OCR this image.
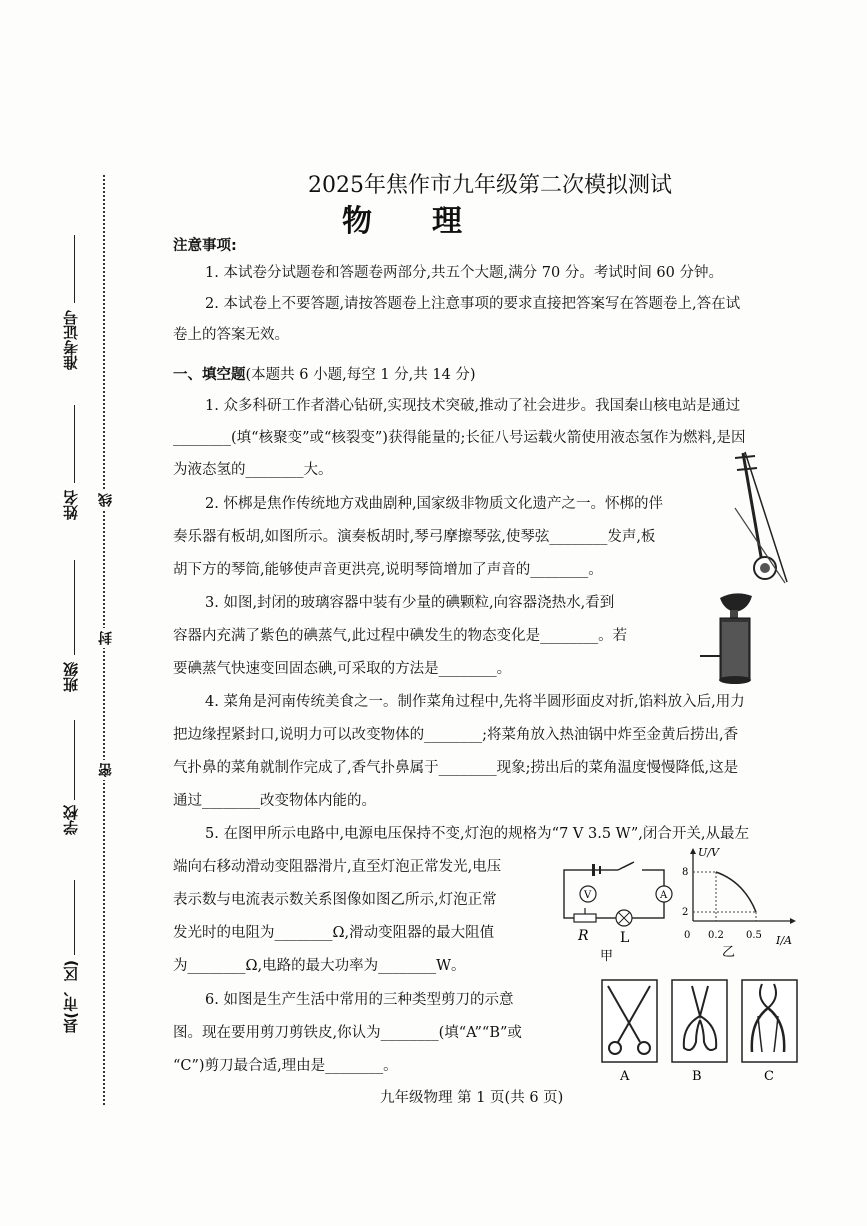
准考证号
姓名
班级
学校
县(市、区)
线
封
密
2025年焦作市九年级第二次模拟测试
物理
注意事项:
1. 本试卷分试题卷和答题卷两部分,共五个大题,满分 70 分。考试时间 60 分钟。
2. 本试卷上不要答题,请按答题卷上注意事项的要求直接把答案写在答题卷上,答在试
卷上的答案无效。
一、填空题(本题共 6 小题,每空 1 分,共 14 分)
1. 众多科研工作者潜心钻研,实现技术突破,推动了社会进步。我国秦山核电站是通过
________(填“核聚变”或“核裂变”)获得能量的;长征八号运载火箭使用液态氢作为燃料,是因
为液态氢的________大。
2. 怀梆是焦作传统地方戏曲剧种,国家级非物质文化遗产之一。怀梆的伴
奏乐器有板胡,如图所示。演奏板胡时,琴弓摩擦琴弦,使琴弦________发声,板
胡下方的琴筒,能够使声音更洪亮,说明琴筒增加了声音的________。
3. 如图,封闭的玻璃容器中装有少量的碘颗粒,向容器浇热水,看到
容器内充满了紫色的碘蒸气,此过程中碘发生的物态变化是________。若
要碘蒸气快速变回固态碘,可采取的方法是________。
4. 菜角是河南传统美食之一。制作菜角过程中,先将半圆形面皮对折,馅料放入后,用力
把边缘捏紧封口,说明力可以改变物体的________;将菜角放入热油锅中炸至金黄后捞出,香
气扑鼻的菜角就制作完成了,香气扑鼻属于________现象;捞出后的菜角温度慢慢降低,这是
通过________改变物体内能的。
5. 在图甲所示电路中,电源电压保持不变,灯泡的规格为“7 V 3.5 W”,闭合开关,从最左
端向右移动滑动变阻器滑片,直至灯泡正常发光,电压
表示数与电流表示数关系图像如图乙所示,灯泡正常
发光时的电阻为________Ω,滑动变阻器的最大阻值
为________Ω,电路的最大功率为________W。
6. 如图是生产生活中常用的三种类型剪刀的示意
图。现在要用剪刀剪铁皮,你认为________(填“A”“B”或
“C”)剪刀最合适,理由是________。
V	A
R L
甲
U/V
I/A
8
2
0 0.2 0.5
乙
A	B	C
九年级物理 第 1 页(共 6 页)
